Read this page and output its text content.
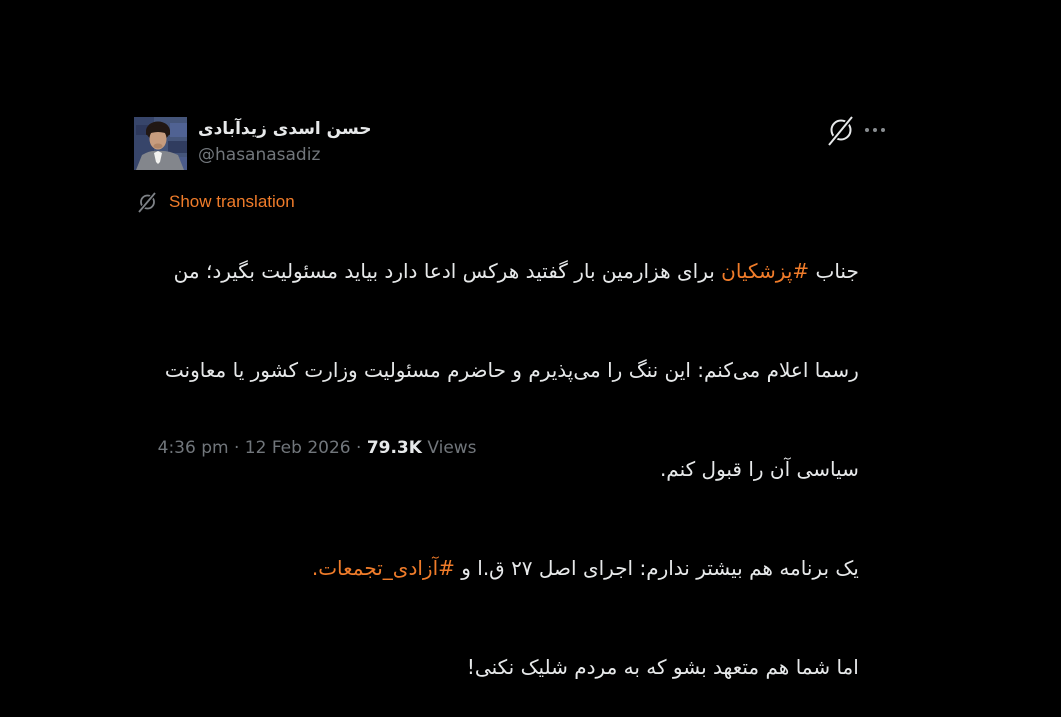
حسن اسدی زیدآبادی
@hasanasadiz
Show translation

جناب #پزشکیان برای هزارمین بار گفتید هرکس ادعا دارد بیاید مسئولیت بگیرد؛ من

رسما اعلام می‌کنم: این ننگ را می‌پذیرم و حاضرم مسئولیت وزارت کشور یا معاونت

سیاسی آن را قبول کنم.

یک برنامه هم بیشتر ندارم: اجرای اصل ۲۷ ق.ا و #آزادی_تجمعات.

اما شما هم متعهد بشو که به مردم شلیک نکنی!

4:36 pm · 12 Feb 2026 · 79.3K Views
